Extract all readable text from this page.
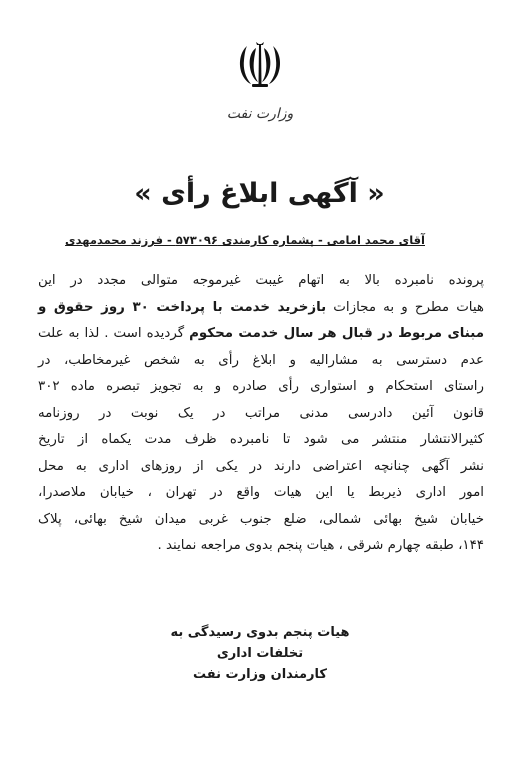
وزارت نفت
« آگهی ابلاغ رأی »
آقای محمد امامی - پشماره کارمندی ۵۷۳۰۹۶ - فرزند محمدمهدی
پرونده نامبرده بالا به اتهام غیبت غیرموجه متوالی مجدد در این
هیات مطرح و به مجازات بازخرید خدمت با پرداخت ۳۰ روز حقوق و
مبنای مربوط در قبال هر سال خدمت محکوم گردیده است . لذا به علت
عدم دسترسی به مشارالیه و ابلاغ رأی به شخص غیرمخاطب، در
راستای استحکام و استواری رأی صادره و به تجویز تبصره ماده ۳۰۲
قانون آئین دادرسی مدنی مراتب در یک نوبت در روزنامه
کثیرالانتشار منتشر می شود تا نامبرده ظرف مدت یکماه از تاریخ
نشر آگهی چنانچه اعتراضی دارند در یکی از روزهای اداری به محل
امور اداری ذیربط یا این هیات واقع در تهران ، خیابان ملاصدرا،
خیابان شیخ بهائی شمالی، ضلع جنوب غربی میدان شیخ بهائی، پلاک
۱۴۴، طبقه چهارم شرقی ، هیات پنجم بدوی مراجعه نمایند .
هیات پنجم بدوی رسیدگی به تخلفات اداری
کارمندان وزارت نفت
